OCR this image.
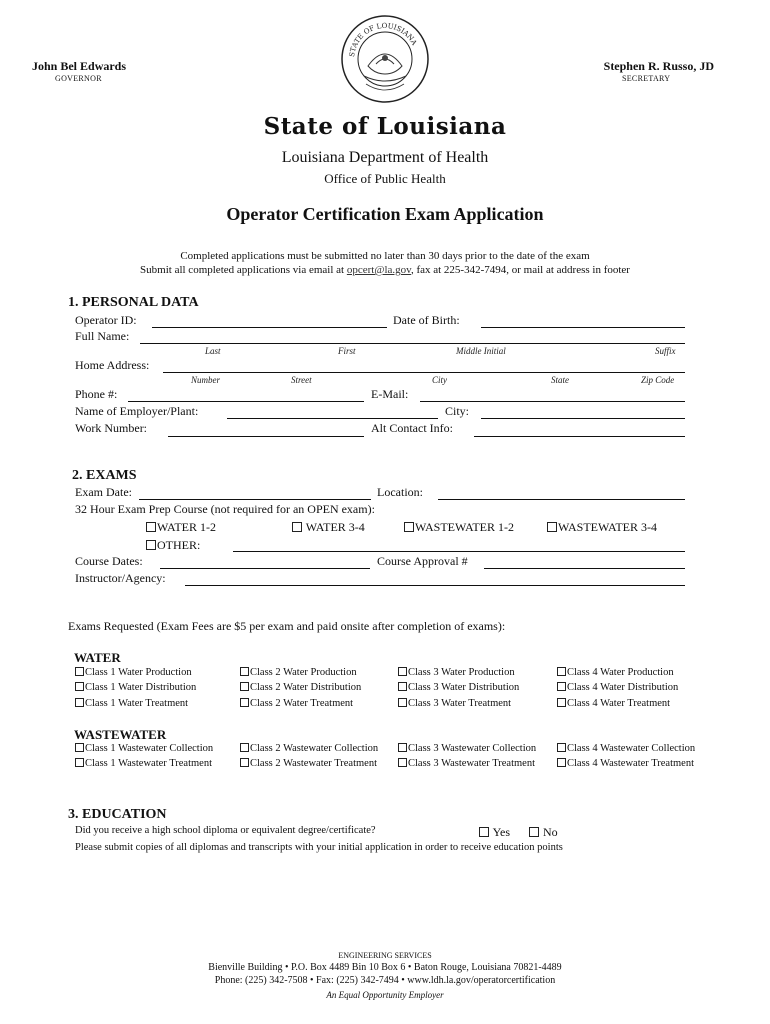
John Bel Edwards
GOVERNOR
Stephen R. Russo, JD
SECRETARY
STATE OF LOUISIANA
State of Louisiana
Louisiana Department of Health
Office of Public Health
Operator Certification Exam Application
Completed applications must be submitted no later than 30 days prior to the date of the exam
Submit all completed applications via email at opcert@la.gov, fax at 225-342-7494, or mail at address in footer
1. PERSONAL DATA
Operator ID:	Date of Birth:
Full Name:
Last	First	Middle Initial	Suffix
Home Address:
Number	Street	City	State	Zip Code
Phone #:	E-Mail:
Name of Employer/Plant:	City:
Work Number:	Alt Contact Info:
2. EXAMS
Exam Date:	Location:
32 Hour Exam Prep Course (not required for an OPEN exam):
WATER 1-2	WATER 3-4	WASTEWATER 1-2	WASTEWATER 3-4
OTHER:
Course Dates:	Course Approval #
Instructor/Agency:
Exams Requested (Exam Fees are $5 per exam and paid onsite after completion of exams):
WATER
Class 1 Water Production	Class 2 Water Production	Class 3 Water Production	Class 4 Water Production
Class 1 Water Distribution	Class 2 Water Distribution	Class 3 Water Distribution	Class 4 Water Distribution
Class 1 Water Treatment	Class 2 Water Treatment	Class 3 Water Treatment	Class 4 Water Treatment
WASTEWATER
Class 1 Wastewater Collection	Class 2 Wastewater Collection	Class 3 Wastewater Collection	Class 4 Wastewater Collection
Class 1 Wastewater Treatment	Class 2 Wastewater Treatment	Class 3 Wastewater Treatment	Class 4 Wastewater Treatment
3. EDUCATION
Did you receive a high school diploma or equivalent degree/certificate?	Yes	No
Please submit copies of all diplomas and transcripts with your initial application in order to receive education points
ENGINEERING SERVICES
Bienville Building • P.O. Box 4489 Bin 10 Box 6 • Baton Rouge, Louisiana 70821-4489
Phone: (225) 342-7508 • Fax: (225) 342-7494 • www.ldh.la.gov/operatorcertification
An Equal Opportunity Employer
